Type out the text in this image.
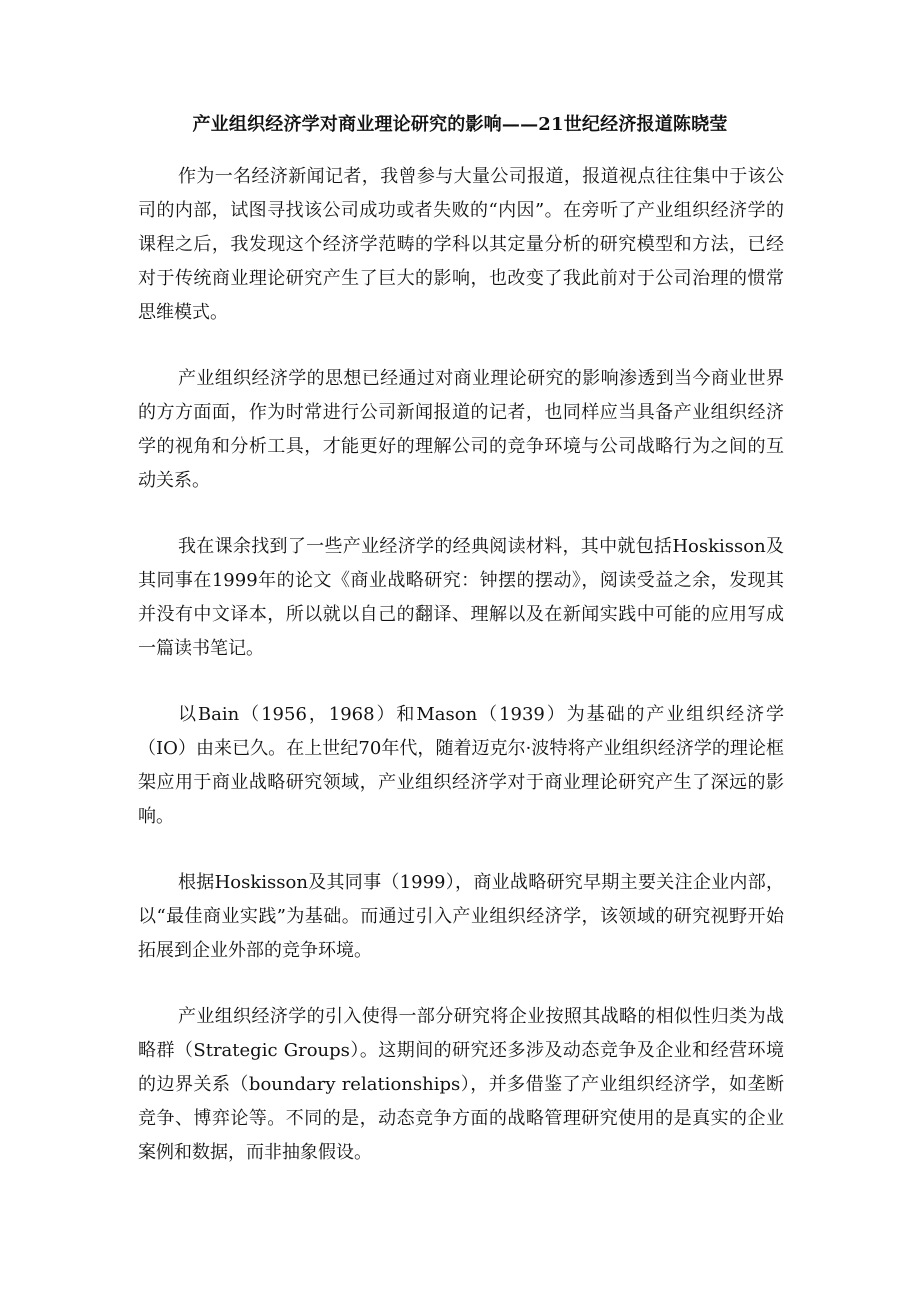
产业组织经济学对商业理论研究的影响——21世纪经济报道陈晓莹

作为一名经济新闻记者，我曾参与大量公司报道，报道视点往往集中于该公司的内部，试图寻找该公司成功或者失败的“内因”。在旁听了产业组织经济学的课程之后，我发现这个经济学范畴的学科以其定量分析的研究模型和方法，已经对于传统商业理论研究产生了巨大的影响，也改变了我此前对于公司治理的惯常思维模式。

产业组织经济学的思想已经通过对商业理论研究的影响渗透到当今商业世界的方方面面，作为时常进行公司新闻报道的记者，也同样应当具备产业组织经济学的视角和分析工具，才能更好的理解公司的竞争环境与公司战略行为之间的互动关系。

我在课余找到了一些产业经济学的经典阅读材料，其中就包括Hoskisson及其同事在1999年的论文《商业战略研究：钟摆的摆动》，阅读受益之余，发现其并没有中文译本，所以就以自己的翻译、理解以及在新闻实践中可能的应用写成一篇读书笔记。

以Bain（1956，1968）和Mason（1939）为基础的产业组织经济学（IO）由来已久。在上世纪70年代，随着迈克尔·波特将产业组织经济学的理论框架应用于商业战略研究领域，产业组织经济学对于商业理论研究产生了深远的影响。

根据Hoskisson及其同事（1999），商业战略研究早期主要关注企业内部，以“最佳商业实践”为基础。而通过引入产业组织经济学，该领域的研究视野开始拓展到企业外部的竞争环境。

产业组织经济学的引入使得一部分研究将企业按照其战略的相似性归类为战略群（Strategic Groups）。这期间的研究还多涉及动态竞争及企业和经营环境的边界关系（boundary relationships），并多借鉴了产业组织经济学，如垄断竞争、博弈论等。不同的是，动态竞争方面的战略管理研究使用的是真实的企业案例和数据，而非抽象假设。
